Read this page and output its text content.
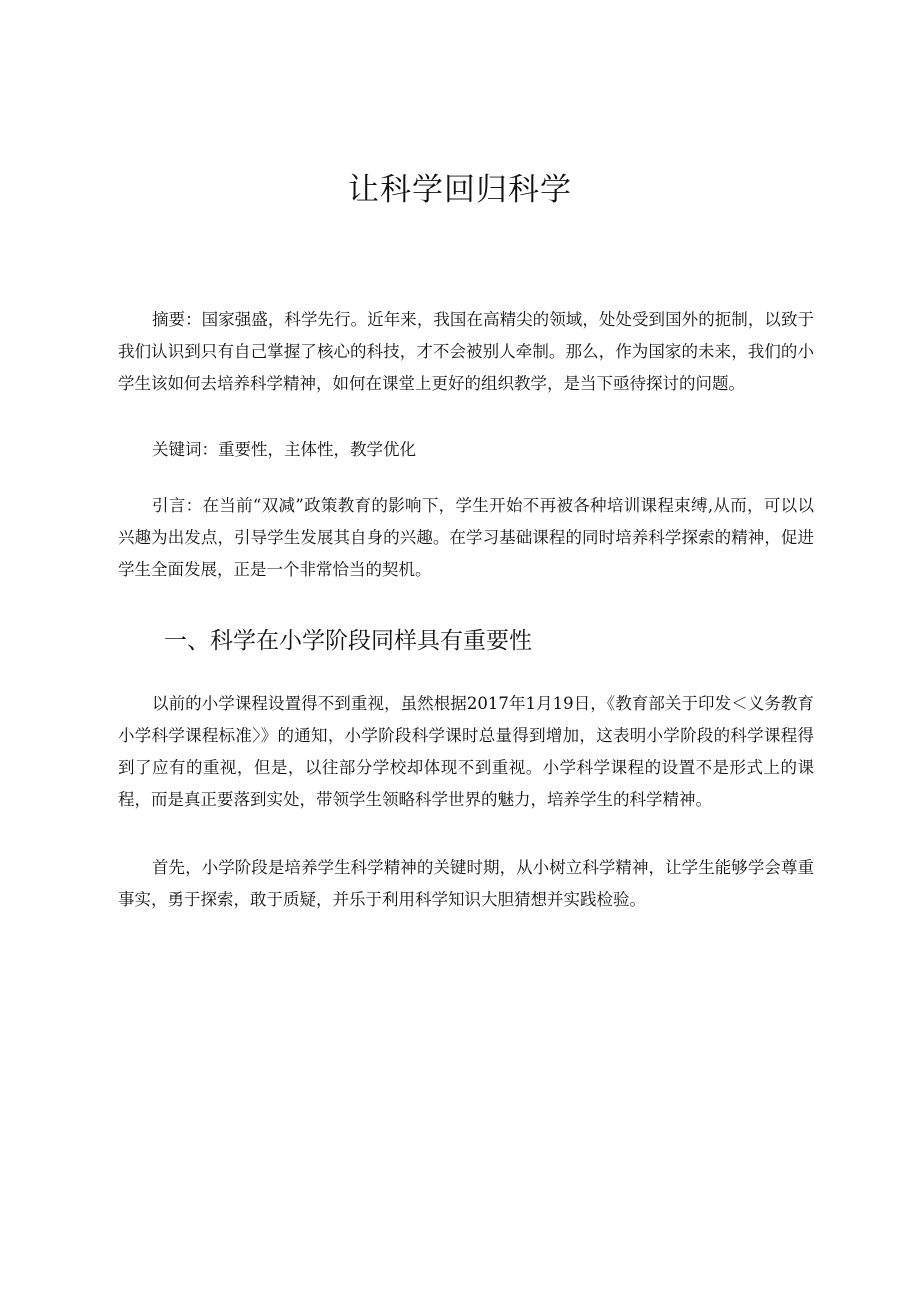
让科学回归科学

摘要：国家强盛，科学先行。近年来，我国在高精尖的领域，处处受到国外的扼制，以致于我们认识到只有自己掌握了核心的科技，才不会被别人牵制。那么，作为国家的未来，我们的小学生该如何去培养科学精神，如何在课堂上更好的组织教学，是当下亟待探讨的问题。

关键词：重要性，主体性，教学优化

引言：在当前“双减”政策教育的影响下，学生开始不再被各种培训课程束缚,从而，可以以兴趣为出发点，引导学生发展其自身的兴趣。在学习基础课程的同时培养科学探索的精神，促进学生全面发展，正是一个非常恰当的契机。

一、科学在小学阶段同样具有重要性

以前的小学课程设置得不到重视，虽然根据2017年1月19日，《教育部关于印发＜义务教育小学科学课程标准〉》的通知，小学阶段科学课时总量得到增加，这表明小学阶段的科学课程得到了应有的重视，但是，以往部分学校却体现不到重视。小学科学课程的设置不是形式上的课程，而是真正要落到实处，带领学生领略科学世界的魅力，培养学生的科学精神。

首先，小学阶段是培养学生科学精神的关键时期，从小树立科学精神，让学生能够学会尊重事实，勇于探索，敢于质疑，并乐于利用科学知识大胆猜想并实践检验。
